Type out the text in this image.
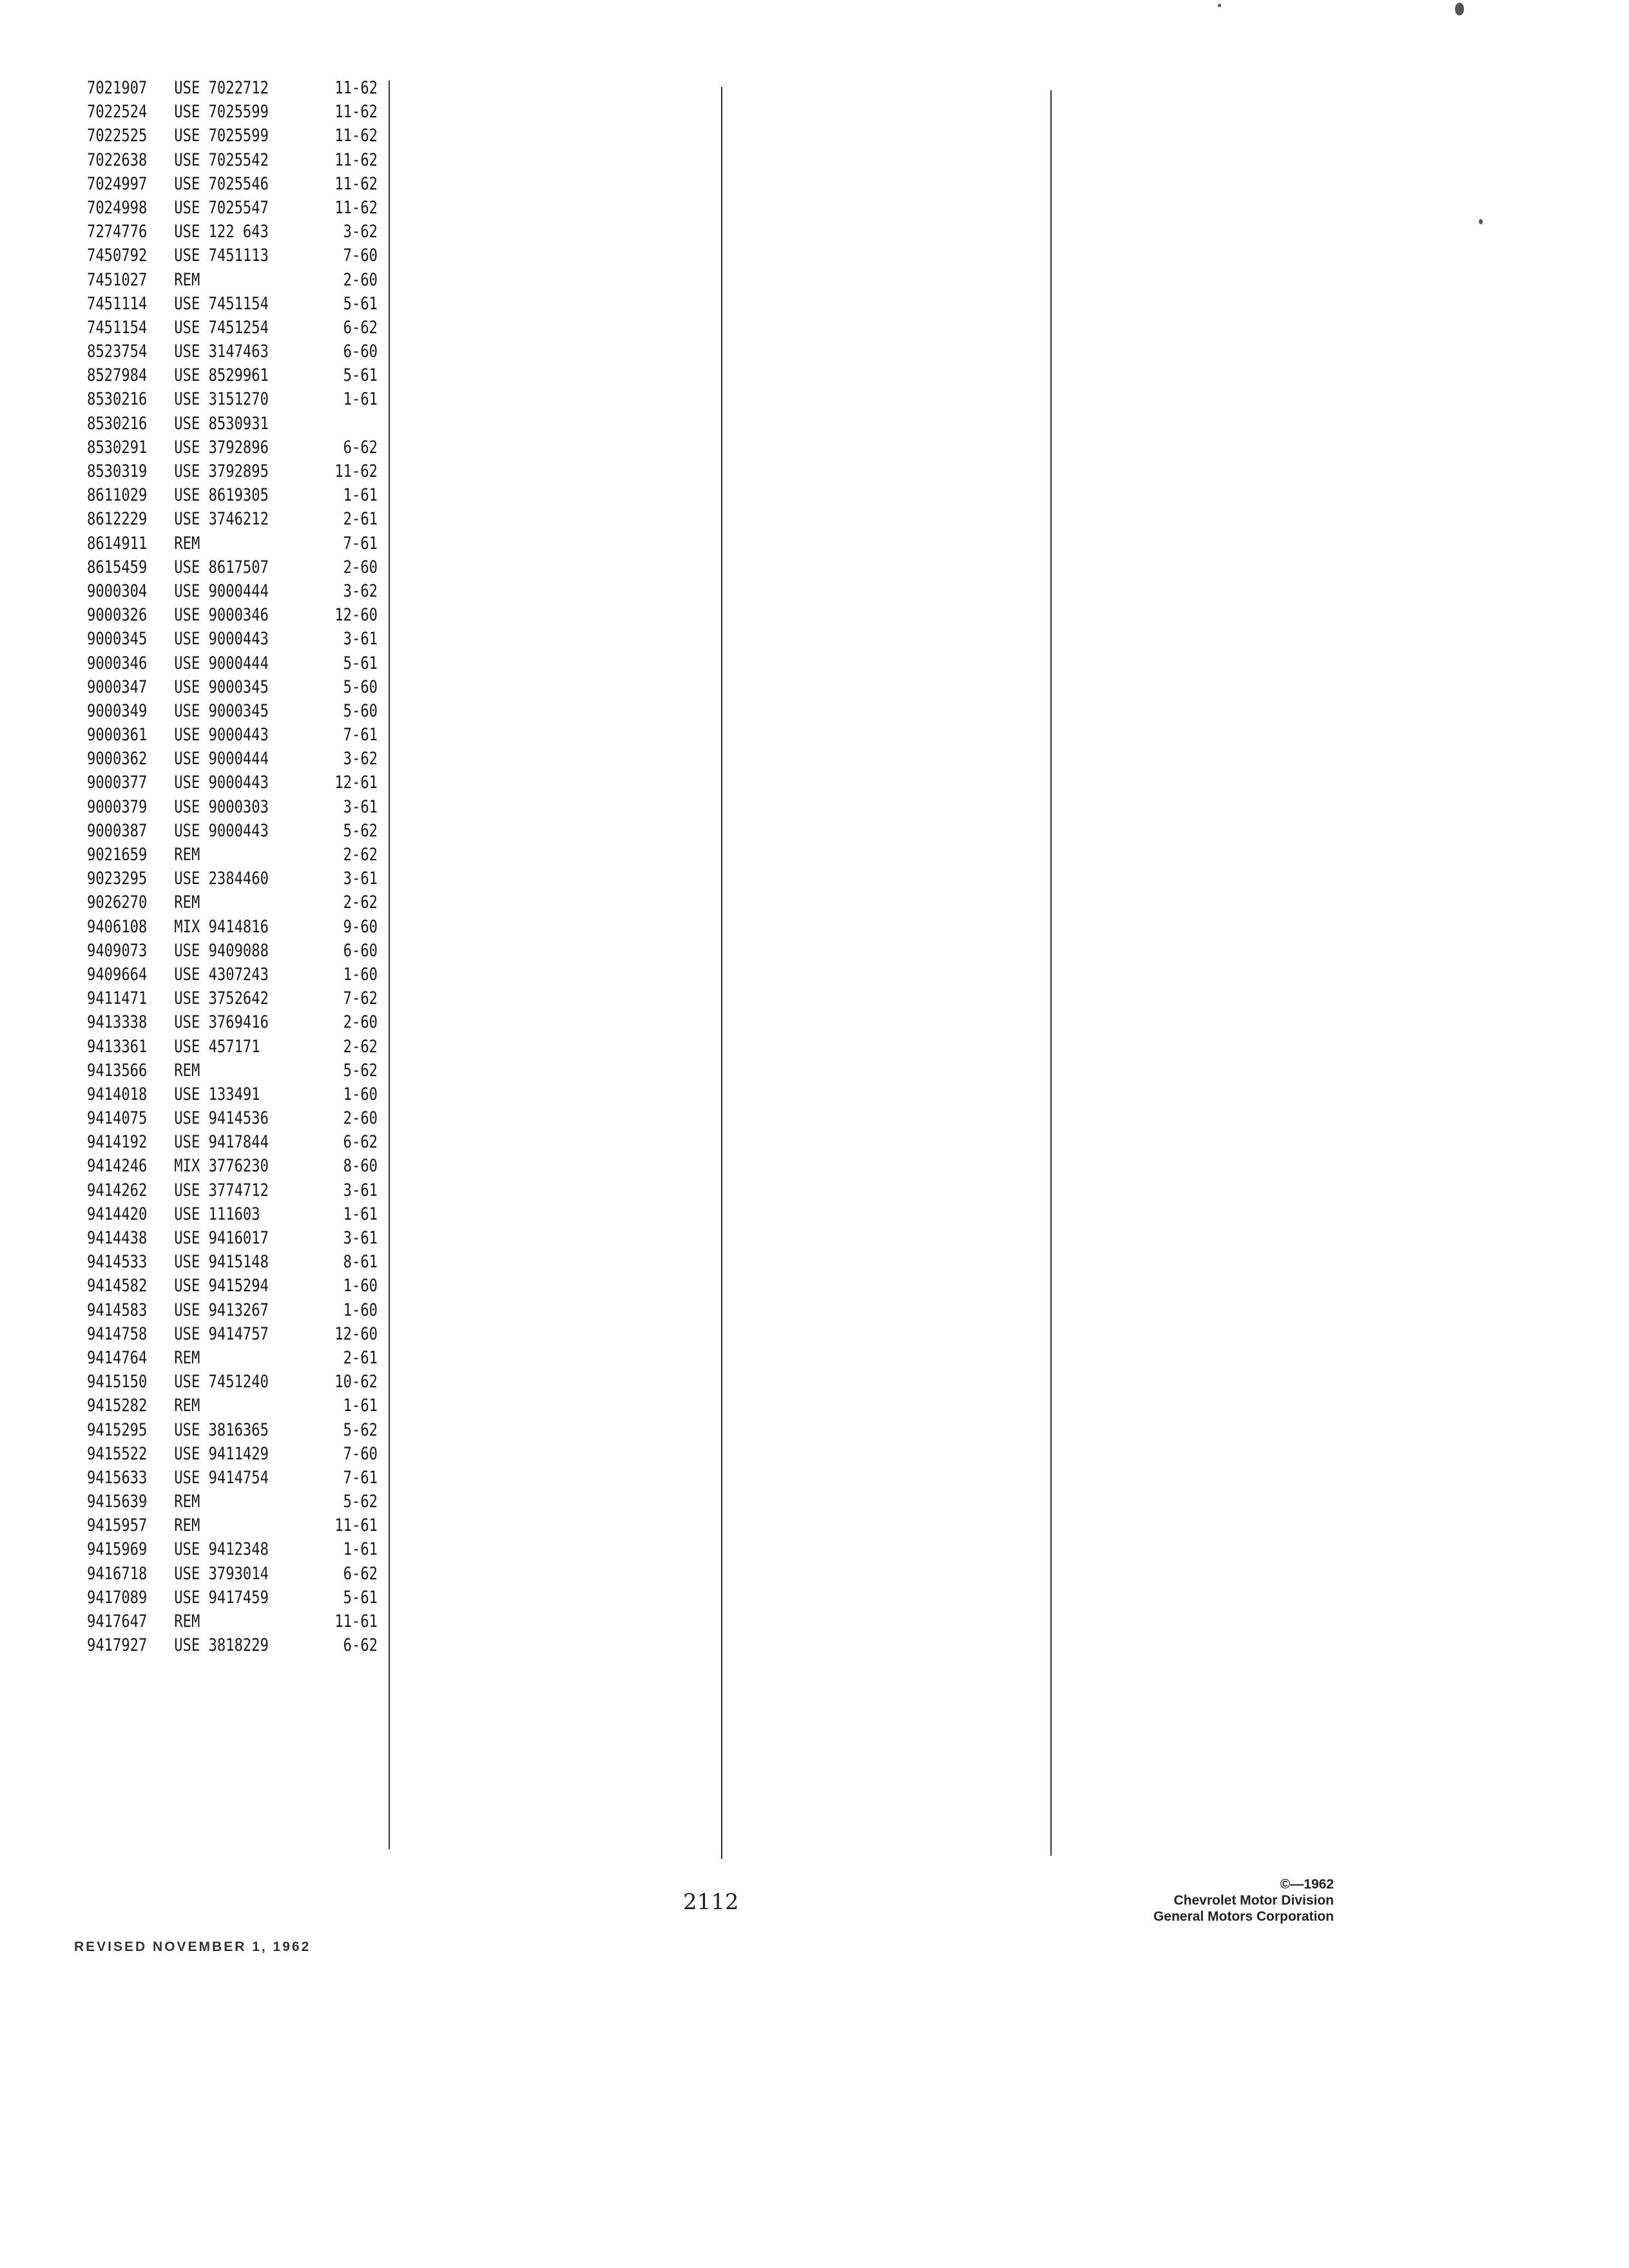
7021907 USE 7022712	11-62
7022524 USE 7025599	11-62
7022525 USE 7025599	11-62
7022638 USE 7025542	11-62
7024997 USE 7025546	11-62
7024998 USE 7025547	11-62
7274776 USE 122 643	3-62
7450792 USE 7451113	7-60
7451027 REM	2-60
7451114 USE 7451154	5-61
7451154 USE 7451254	6-62
8523754 USE 3147463	6-60
8527984 USE 8529961	5-61
8530216 USE 3151270	1-61
8530216 USE 8530931
8530291 USE 3792896	6-62
8530319 USE 3792895	11-62
8611029 USE 8619305	1-61
8612229 USE 3746212	2-61
8614911 REM	7-61
8615459 USE 8617507	2-60
9000304 USE 9000444	3-62
9000326 USE 9000346	12-60
9000345 USE 9000443	3-61
9000346 USE 9000444	5-61
9000347 USE 9000345	5-60
9000349 USE 9000345	5-60
9000361 USE 9000443	7-61
9000362 USE 9000444	3-62
9000377 USE 9000443	12-61
9000379 USE 9000303	3-61
9000387 USE 9000443	5-62
9021659 REM	2-62
9023295 USE 2384460	3-61
9026270 REM	2-62
9406108 MIX 9414816	9-60
9409073 USE 9409088	6-60
9409664 USE 4307243	1-60
9411471 USE 3752642	7-62
9413338 USE 3769416	2-60
9413361 USE 457171	2-62
9413566 REM	5-62
9414018 USE 133491	1-60
9414075 USE 9414536	2-60
9414192 USE 9417844	6-62
9414246 MIX 3776230	8-60
9414262 USE 3774712	3-61
9414420 USE 111603	1-61
9414438 USE 9416017	3-61
9414533 USE 9415148	8-61
9414582 USE 9415294	1-60
9414583 USE 9413267	1-60
9414758 USE 9414757	12-60
9414764 REM	2-61
9415150 USE 7451240	10-62
9415282 REM	1-61
9415295 USE 3816365	5-62
9415522 USE 9411429	7-60
9415633 USE 9414754	7-61
9415639 REM	5-62
9415957 REM	11-61
9415969 USE 9412348	1-61
9416718 USE 3793014	6-62
9417089 USE 9417459	5-61
9417647 REM	11-61
9417927 USE 3818229	6-62
2112
REVISED NOVEMBER 1, 1962
©—1962
Chevrolet Motor Division
General Motors Corporation
